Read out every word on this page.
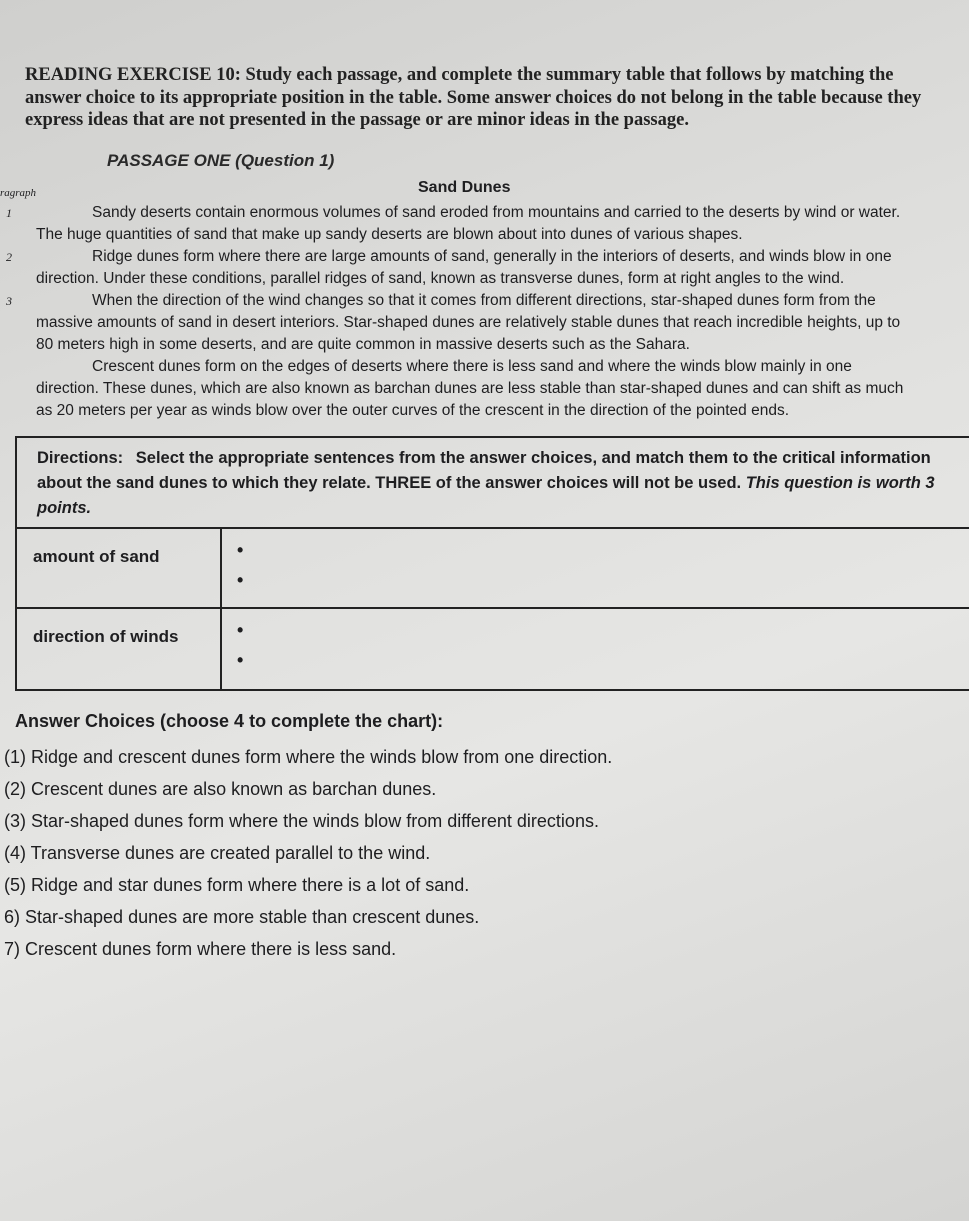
READING EXERCISE 10: Study each passage, and complete the summary table that follows by matching the answer choice to its appropriate position in the table. Some answer choices do not belong in the table because they express ideas that are not presented in the passage or are minor ideas in the passage.
PASSAGE ONE (Question 1)
ragraph	Sand Dunes
1	Sandy deserts contain enormous volumes of sand eroded from mountains and carried to the deserts by wind or water. The huge quantities of sand that make up sandy deserts are blown about into dunes of various shapes.
2	Ridge dunes form where there are large amounts of sand, generally in the interiors of deserts, and winds blow in one direction. Under these conditions, parallel ridges of sand, known as transverse dunes, form at right angles to the wind.
3	When the direction of the wind changes so that it comes from different directions, star-shaped dunes form from the massive amounts of sand in desert interiors. Star-shaped dunes are relatively stable dunes that reach incredible heights, up to 80 meters high in some deserts, and are quite common in massive deserts such as the Sahara.
Crescent dunes form on the edges of deserts where there is less sand and where the winds blow mainly in one direction. These dunes, which are also known as barchan dunes are less stable than star-shaped dunes and can shift as much as 20 meters per year as winds blow over the outer curves of the crescent in the direction of the pointed ends.
Directions: Select the appropriate sentences from the answer choices, and match them to the critical information about the sand dunes to which they relate. THREE of the answer choices will not be used. This question is worth 3 points.
amount of sand	•
•
direction of winds	•
•
Answer Choices (choose 4 to complete the chart):
(1) Ridge and crescent dunes form where the winds blow from one direction.
(2) Crescent dunes are also known as barchan dunes.
(3) Star-shaped dunes form where the winds blow from different directions.
(4) Transverse dunes are created parallel to the wind.
(5) Ridge and star dunes form where there is a lot of sand.
6) Star-shaped dunes are more stable than crescent dunes.
7) Crescent dunes form where there is less sand.
